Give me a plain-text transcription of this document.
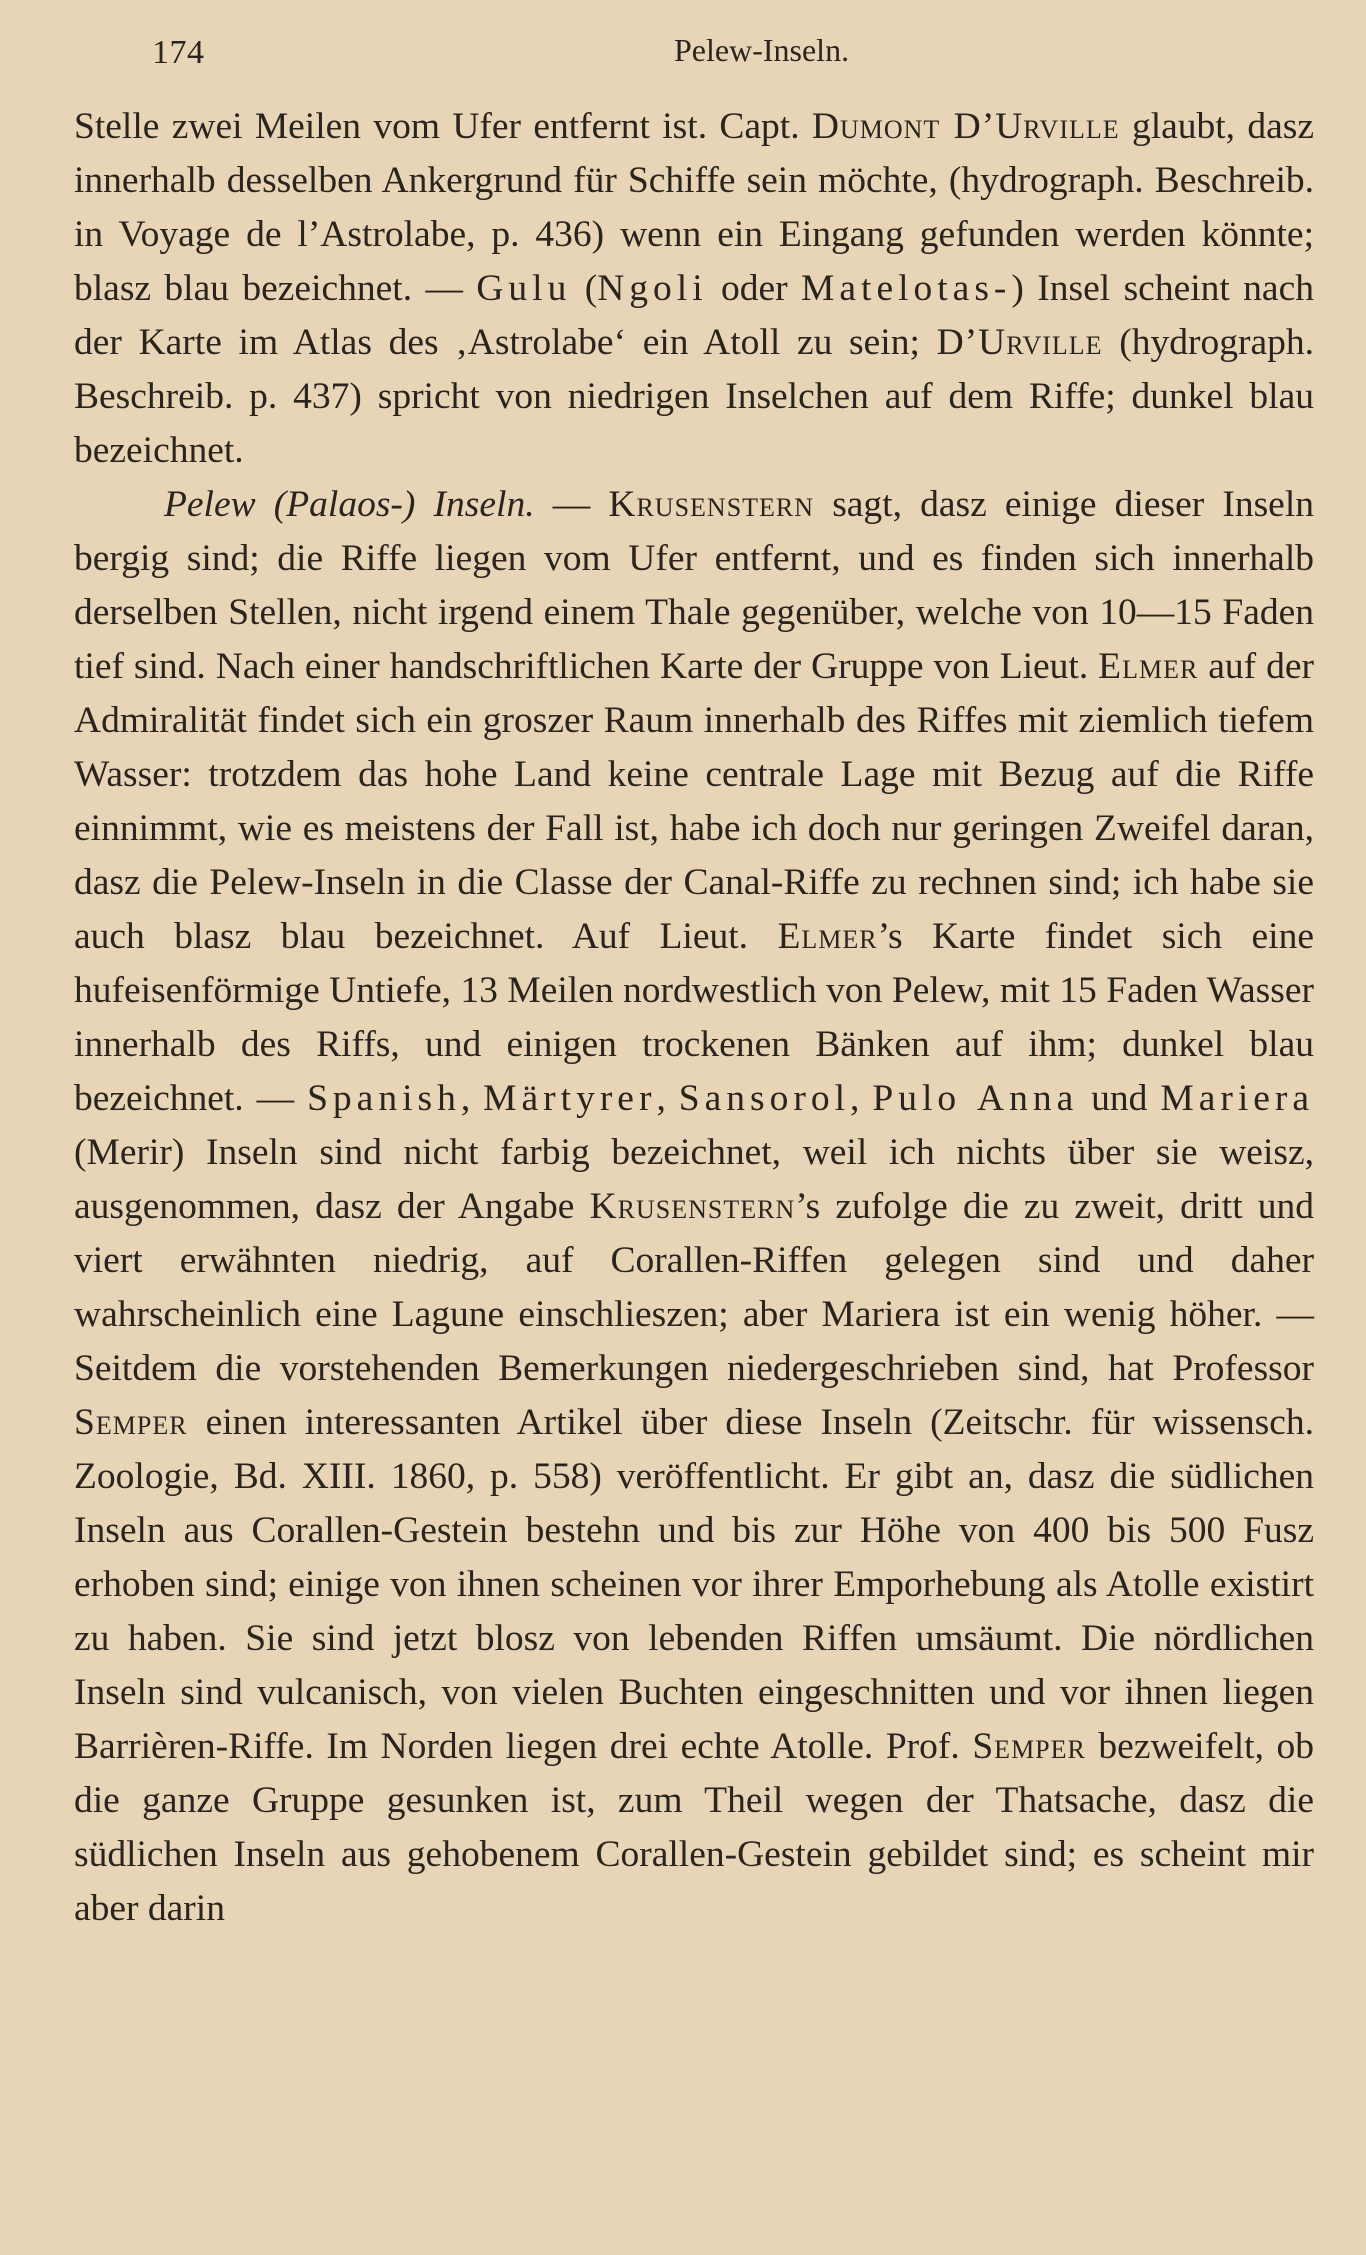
174	Pelew-Inseln.

Stelle zwei Meilen vom Ufer entfernt ist. Capt. Dumont D’Urville glaubt, dasz innerhalb desselben Ankergrund für Schiffe sein möchte, (hydrograph. Beschreib. in Voyage de l’Astrolabe, p. 436) wenn ein Eingang gefunden werden könnte; blasz blau bezeichnet. — Gulu (Ngoli oder Matelotas-) Insel scheint nach der Karte im Atlas des ‚Astrolabe‘ ein Atoll zu sein; D’Urville (hydrograph. Beschreib. p. 437) spricht von niedrigen Inselchen auf dem Riffe; dunkel blau bezeichnet.

Pelew (Palaos-) Inseln. — Krusenstern sagt, dasz einige dieser Inseln bergig sind; die Riffe liegen vom Ufer entfernt, und es finden sich innerhalb derselben Stellen, nicht irgend einem Thale gegenüber, welche von 10—15 Faden tief sind. Nach einer handschriftlichen Karte der Gruppe von Lieut. Elmer auf der Admiralität findet sich ein groszer Raum innerhalb des Riffes mit ziemlich tiefem Wasser: trotzdem das hohe Land keine centrale Lage mit Bezug auf die Riffe einnimmt, wie es meistens der Fall ist, habe ich doch nur geringen Zweifel daran, dasz die Pelew-Inseln in die Classe der Canal-Riffe zu rechnen sind; ich habe sie auch blasz blau bezeichnet. Auf Lieut. Elmer’s Karte findet sich eine hufeisenförmige Untiefe, 13 Meilen nordwestlich von Pelew, mit 15 Faden Wasser innerhalb des Riffs, und einigen trockenen Bänken auf ihm; dunkel blau bezeichnet. — Spanish, Märtyrer, Sansorol, Pulo Anna und Mariera (Merir) Inseln sind nicht farbig bezeichnet, weil ich nichts über sie weisz, ausgenommen, dasz der Angabe Krusenstern’s zufolge die zu zweit, dritt und viert erwähnten niedrig, auf Corallen-Riffen gelegen sind und daher wahrscheinlich eine Lagune einschlieszen; aber Mariera ist ein wenig höher. — Seitdem die vorstehenden Bemerkungen niedergeschrieben sind, hat Professor Semper einen interessanten Artikel über diese Inseln (Zeitschr. für wissensch. Zoologie, Bd. XIII. 1860, p. 558) veröffentlicht. Er gibt an, dasz die südlichen Inseln aus Corallen-Gestein bestehn und bis zur Höhe von 400 bis 500 Fusz erhoben sind; einige von ihnen scheinen vor ihrer Emporhebung als Atolle existirt zu haben. Sie sind jetzt blosz von lebenden Riffen umsäumt. Die nördlichen Inseln sind vulcanisch, von vielen Buchten eingeschnitten und vor ihnen liegen Barrièren-Riffe. Im Norden liegen drei echte Atolle. Prof. Semper bezweifelt, ob die ganze Gruppe gesunken ist, zum Theil wegen der Thatsache, dasz die südlichen Inseln aus gehobenem Corallen-Gestein gebildet sind; es scheint mir aber darin
